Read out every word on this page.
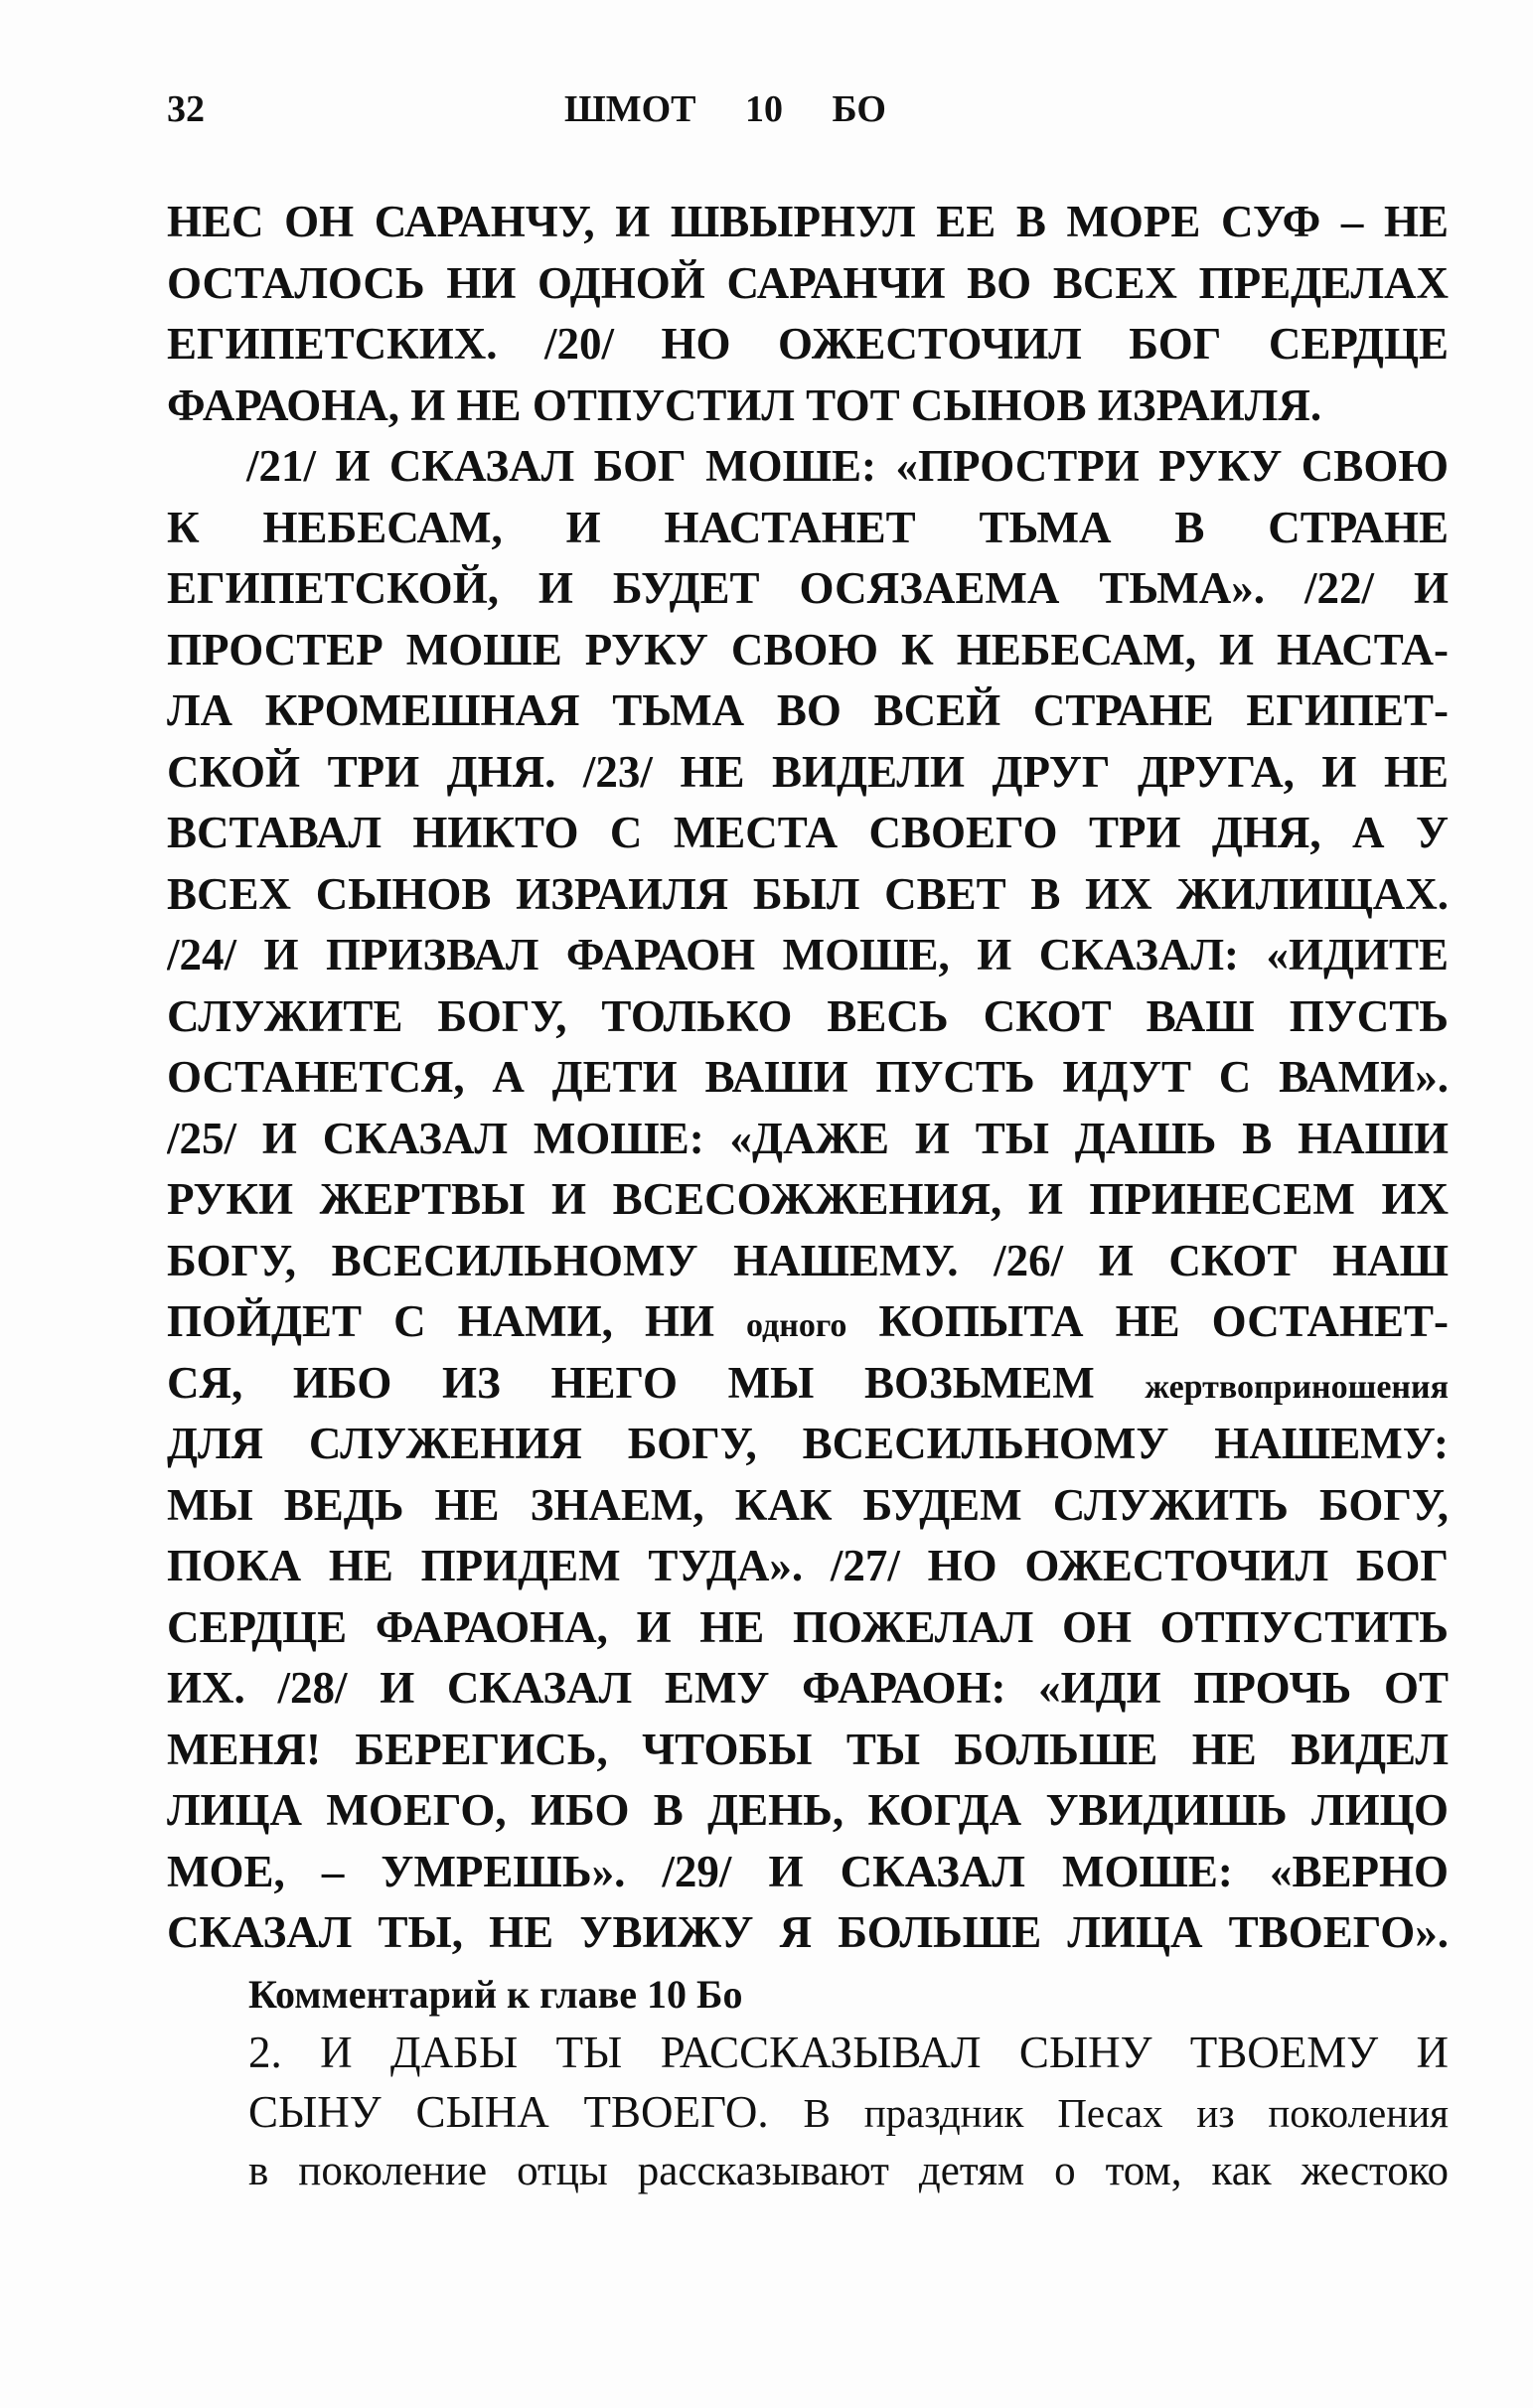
32	ШМОТ 10 БО
НЕС ОН САРАНЧУ, И ШВЫРНУЛ ЕЕ В МОРЕ СУФ – НЕ
ОСТАЛОСЬ НИ ОДНОЙ САРАНЧИ ВО ВСЕХ ПРЕДЕЛАХ
ЕГИПЕТСКИХ. /20/ НО ОЖЕСТОЧИЛ БОГ СЕРДЦЕ
ФАРАОНА, И НЕ ОТПУСТИЛ ТОТ СЫНОВ ИЗРАИЛЯ.
/21/ И СКАЗАЛ БОГ МОШЕ: «ПРОСТРИ РУКУ СВОЮ
К НЕБЕСАМ, И НАСТАНЕТ ТЬМА В СТРАНЕ
ЕГИПЕТСКОЙ, И БУДЕТ ОСЯЗАЕМА ТЬМА». /22/ И
ПРОСТЕР МОШЕ РУКУ СВОЮ К НЕБЕСАМ, И НАСТА-
ЛА КРОМЕШНАЯ ТЬМА ВО ВСЕЙ СТРАНЕ ЕГИПЕТ-
СКОЙ ТРИ ДНЯ. /23/ НЕ ВИДЕЛИ ДРУГ ДРУГА, И НЕ
ВСТАВАЛ НИКТО С МЕСТА СВОЕГО ТРИ ДНЯ, А У
ВСЕХ СЫНОВ ИЗРАИЛЯ БЫЛ СВЕТ В ИХ ЖИЛИЩАХ.
/24/ И ПРИЗВАЛ ФАРАОН МОШЕ, И СКАЗАЛ: «ИДИТЕ
СЛУЖИТЕ БОГУ, ТОЛЬКО ВЕСЬ СКОТ ВАШ ПУСТЬ
ОСТАНЕТСЯ, А ДЕТИ ВАШИ ПУСТЬ ИДУТ С ВАМИ».
/25/ И СКАЗАЛ МОШЕ: «ДАЖЕ И ТЫ ДАШЬ В НАШИ
РУКИ ЖЕРТВЫ И ВСЕСОЖЖЕНИЯ, И ПРИНЕСЕМ ИХ
БОГУ, ВСЕСИЛЬНОМУ НАШЕМУ. /26/ И СКОТ НАШ
ПОЙДЕТ С НАМИ, НИ одного КОПЫТА НЕ ОСТАНЕТ-
СЯ, ИБО ИЗ НЕГО МЫ ВОЗЬМЕМ жертвоприношения
ДЛЯ СЛУЖЕНИЯ БОГУ, ВСЕСИЛЬНОМУ НАШЕМУ:
МЫ ВЕДЬ НЕ ЗНАЕМ, КАК БУДЕМ СЛУЖИТЬ БОГУ,
ПОКА НЕ ПРИДЕМ ТУДА». /27/ НО ОЖЕСТОЧИЛ БОГ
СЕРДЦЕ ФАРАОНА, И НЕ ПОЖЕЛАЛ ОН ОТПУСТИТЬ
ИХ. /28/ И СКАЗАЛ ЕМУ ФАРАОН: «ИДИ ПРОЧЬ ОТ
МЕНЯ! БЕРЕГИСЬ, ЧТОБЫ ТЫ БОЛЬШЕ НЕ ВИДЕЛ
ЛИЦА МОЕГО, ИБО В ДЕНЬ, КОГДА УВИДИШЬ ЛИЦО
МОЕ, – УМРЕШЬ». /29/ И СКАЗАЛ МОШЕ: «ВЕРНО
СКАЗАЛ ТЫ, НЕ УВИЖУ Я БОЛЬШЕ ЛИЦА ТВОЕГО».
Комментарий к главе 10 Бо
2. И ДАБЫ ТЫ РАССКАЗЫВАЛ СЫНУ ТВОЕМУ И
СЫНУ СЫНА ТВОЕГО. В праздник Песах из поколения
в поколение отцы рассказывают детям о том, как жестоко
